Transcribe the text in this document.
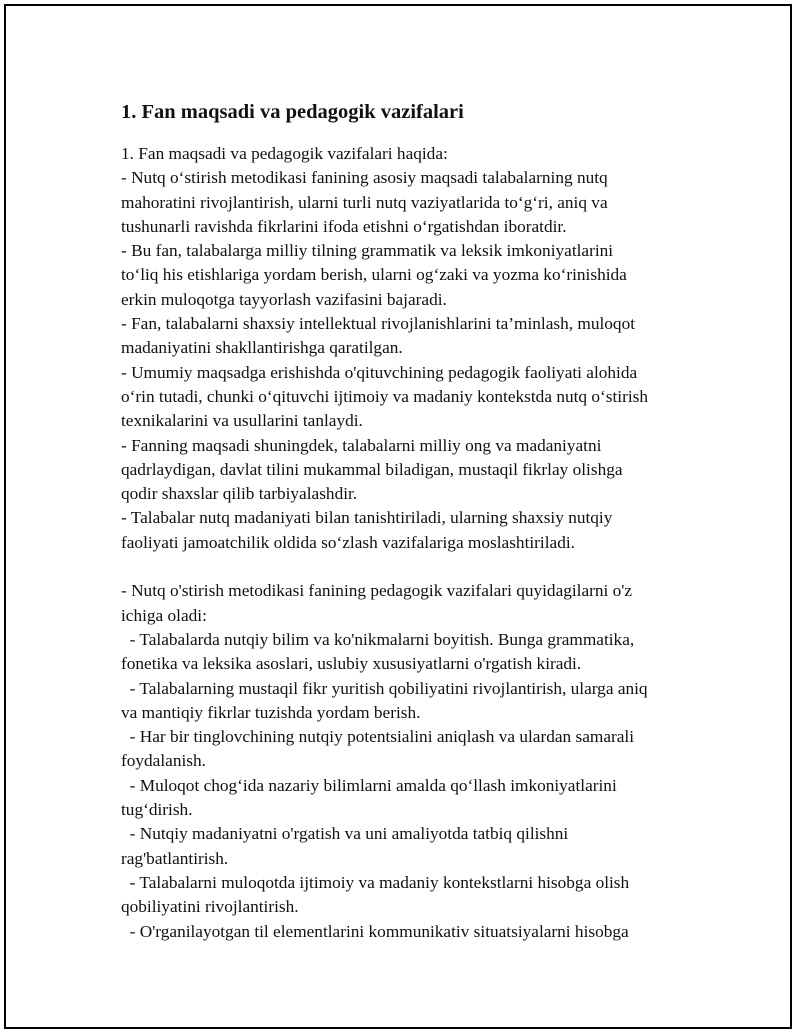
1. Fan maqsadi va pedagogik vazifalari

1. Fan maqsadi va pedagogik vazifalari haqida:

- Nutq o‘stirish metodikasi fanining asosiy maqsadi talabalarning nutq

mahoratini rivojlantirish, ularni turli nutq vaziyatlarida to‘g‘ri, aniq va

tushunarli ravishda fikrlarini ifoda etishni o‘rgatishdan iboratdir.

- Bu fan, talabalarga milliy tilning grammatik va leksik imkoniyatlarini

to‘liq his etishlariga yordam berish, ularni og‘zaki va yozma ko‘rinishida

erkin muloqotga tayyorlash vazifasini bajaradi.

- Fan, talabalarni shaxsiy intellektual rivojlanishlarini ta’minlash, muloqot

madaniyatini shakllantirishga qaratilgan.

- Umumiy maqsadga erishishda o'qituvchining pedagogik faoliyati alohida

o‘rin tutadi, chunki o‘qituvchi ijtimoiy va madaniy kontekstda nutq o‘stirish

texnikalarini va usullarini tanlaydi.

- Fanning maqsadi shuningdek, talabalarni milliy ong va madaniyatni

qadrlaydigan, davlat tilini mukammal biladigan, mustaqil fikrlay olishga

qodir shaxslar qilib tarbiyalashdir.

- Talabalar nutq madaniyati bilan tanishtiriladi, ularning shaxsiy nutqiy

faoliyati jamoatchilik oldida so‘zlash vazifalariga moslashtiriladi.

- Nutq o'stirish metodikasi fanining pedagogik vazifalari quyidagilarni o'z

ichiga oladi:

- Talabalarda nutqiy bilim va ko'nikmalarni boyitish. Bunga grammatika,

fonetika va leksika asoslari, uslubiy xususiyatlarni o'rgatish kiradi.

- Talabalarning mustaqil fikr yuritish qobiliyatini rivojlantirish, ularga aniq

va mantiqiy fikrlar tuzishda yordam berish.

- Har bir tinglovchining nutqiy potentsialini aniqlash va ulardan samarali

foydalanish.

- Muloqot chog‘ida nazariy bilimlarni amalda qo‘llash imkoniyatlarini

tug‘dirish.

- Nutqiy madaniyatni o'rgatish va uni amaliyotda tatbiq qilishni

rag'batlantirish.

- Talabalarni muloqotda ijtimoiy va madaniy kontekstlarni hisobga olish

qobiliyatini rivojlantirish.

- O'rganilayotgan til elementlarini kommunikativ situatsiyalarni hisobga
